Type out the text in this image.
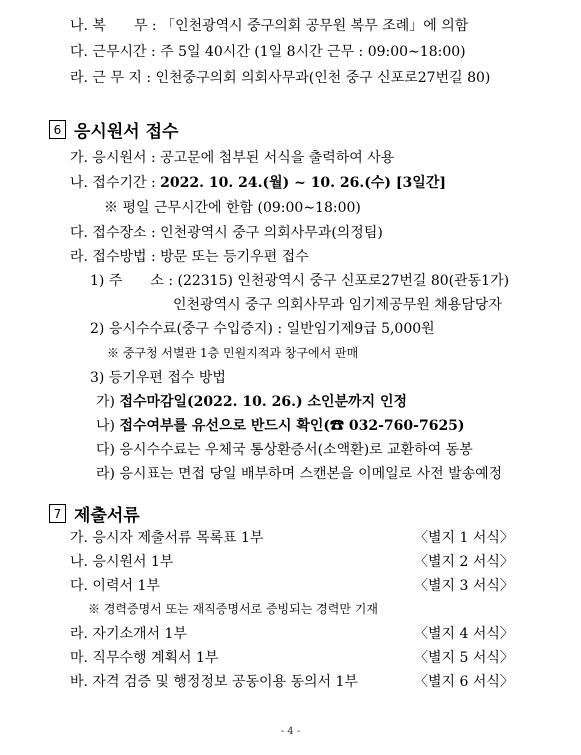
나. 복　　무 : 「인천광역시 중구의회 공무원 복무 조례」에 의함
다. 근무시간 : 주 5일 40시간 (1일 8시간 근무 : 09:00∼18:00)
라. 근 무 지 : 인천중구의회 의회사무과(인천 중구 신포로27번길 80)
6 응시원서 접수
가. 응시원서 : 공고문에 첨부된 서식을 출력하여 사용
나. 접수기간 : 2022. 10. 24.(월) ~ 10. 26.(수) [3일간]
※ 평일 근무시간에 한함 (09:00∼18:00)
다. 접수장소 : 인천광역시 중구 의회사무과(의정팀)
라. 접수방법 : 방문 또는 등기우편 접수
1) 주　　소 : (22315) 인천광역시 중구 신포로27번길 80(관동1가)
인천광역시 중구 의회사무과 임기제공무원 채용담당자
2) 응시수수료(중구 수입증지) : 일반임기제9급 5,000원
※ 중구청 서별관 1층 민원지적과 창구에서 판매
3) 등기우편 접수 방법
가) 접수마감일(2022. 10. 26.) 소인분까지 인정
나) 접수여부를 유선으로 반드시 확인(☎ 032-760-7625)
다) 응시수수료는 우체국 통상환증서(소액환)로 교환하여 동봉
라) 응시표는 면접 당일 배부하며 스캔본을 이메일로 사전 발송예정
7 제출서류
가. 응시자 제출서류 목록표 1부	〈별지 1 서식〉
나. 응시원서 1부	〈별지 2 서식〉
다. 이력서 1부	〈별지 3 서식〉
※ 경력증명서 또는 재직증명서로 증빙되는 경력만 기재
라. 자기소개서 1부	〈별지 4 서식〉
마. 직무수행 계획서 1부	〈별지 5 서식〉
바. 자격 검증 및 행정정보 공동이용 동의서 1부	〈별지 6 서식〉
- 4 -
